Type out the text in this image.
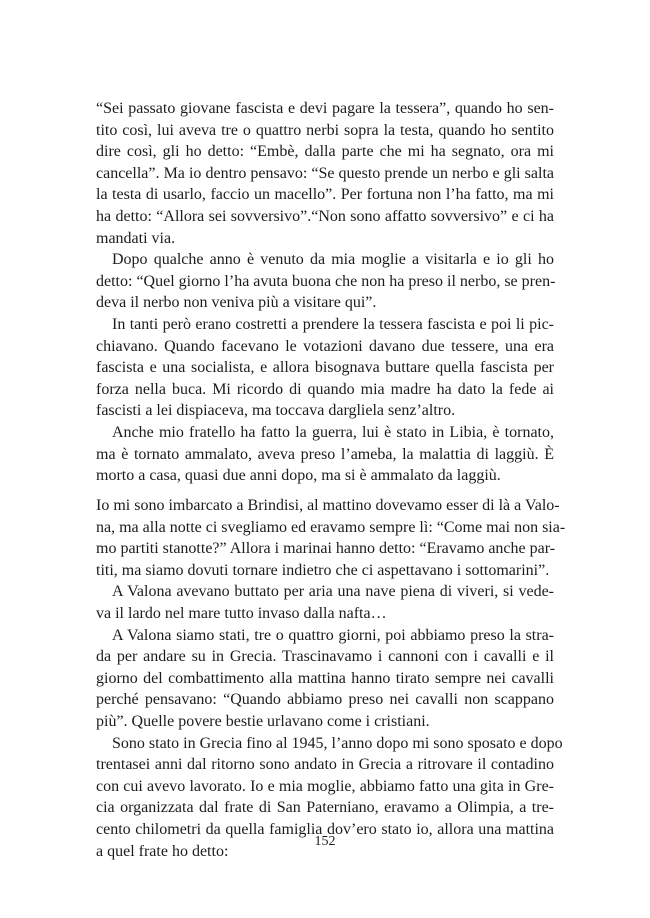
“Sei passato giovane fascista e devi pagare la tessera”, quando ho sen-
tito così, lui aveva tre o quattro nerbi sopra la testa, quando ho sentito
dire così, gli ho detto: “Embè, dalla parte che mi ha segnato, ora mi
cancella”. Ma io dentro pensavo: “Se questo prende un nerbo e gli salta
la testa di usarlo, faccio un macello”. Per fortuna non l’ha fatto, ma mi
ha detto: “Allora sei sovversivo”.“Non sono affatto sovversivo” e ci ha
mandati via.
Dopo qualche anno è venuto da mia moglie a visitarla e io gli ho
detto: “Quel giorno l’ha avuta buona che non ha preso il nerbo, se pren-
deva il nerbo non veniva più a visitare qui”.
In tanti però erano costretti a prendere la tessera fascista e poi li pic-
chiavano. Quando facevano le votazioni davano due tessere, una era
fascista e una socialista, e allora bisognava buttare quella fascista per
forza nella buca. Mi ricordo di quando mia madre ha dato la fede ai
fascisti a lei dispiaceva, ma toccava dargliela senz’altro.
Anche mio fratello ha fatto la guerra, lui è stato in Libia, è tornato,
ma è tornato ammalato, aveva preso l’ameba, la malattia di laggiù. È
morto a casa, quasi due anni dopo, ma si è ammalato da laggiù.
Io mi sono imbarcato a Brindisi, al mattino dovevamo esser di là a Valo-
na, ma alla notte ci svegliamo ed eravamo sempre lì: “Come mai non sia-
mo partiti stanotte?” Allora i marinai hanno detto: “Eravamo anche par-
titi, ma siamo dovuti tornare indietro che ci aspettavano i sottomarini”.
A Valona avevano buttato per aria una nave piena di viveri, si vede-
va il lardo nel mare tutto invaso dalla nafta…
A Valona siamo stati, tre o quattro giorni, poi abbiamo preso la stra-
da per andare su in Grecia. Trascinavamo i cannoni con i cavalli e il
giorno del combattimento alla mattina hanno tirato sempre nei cavalli
perché pensavano: “Quando abbiamo preso nei cavalli non scappano
più”. Quelle povere bestie urlavano come i cristiani.
Sono stato in Grecia fino al 1945, l’anno dopo mi sono sposato e dopo
trentasei anni dal ritorno sono andato in Grecia a ritrovare il contadino
con cui avevo lavorato. Io e mia moglie, abbiamo fatto una gita in Gre-
cia organizzata dal frate di San Paterniano, eravamo a Olimpia, a tre-
cento chilometri da quella famiglia dov’ero stato io, allora una mattina
a quel frate ho detto:
152
